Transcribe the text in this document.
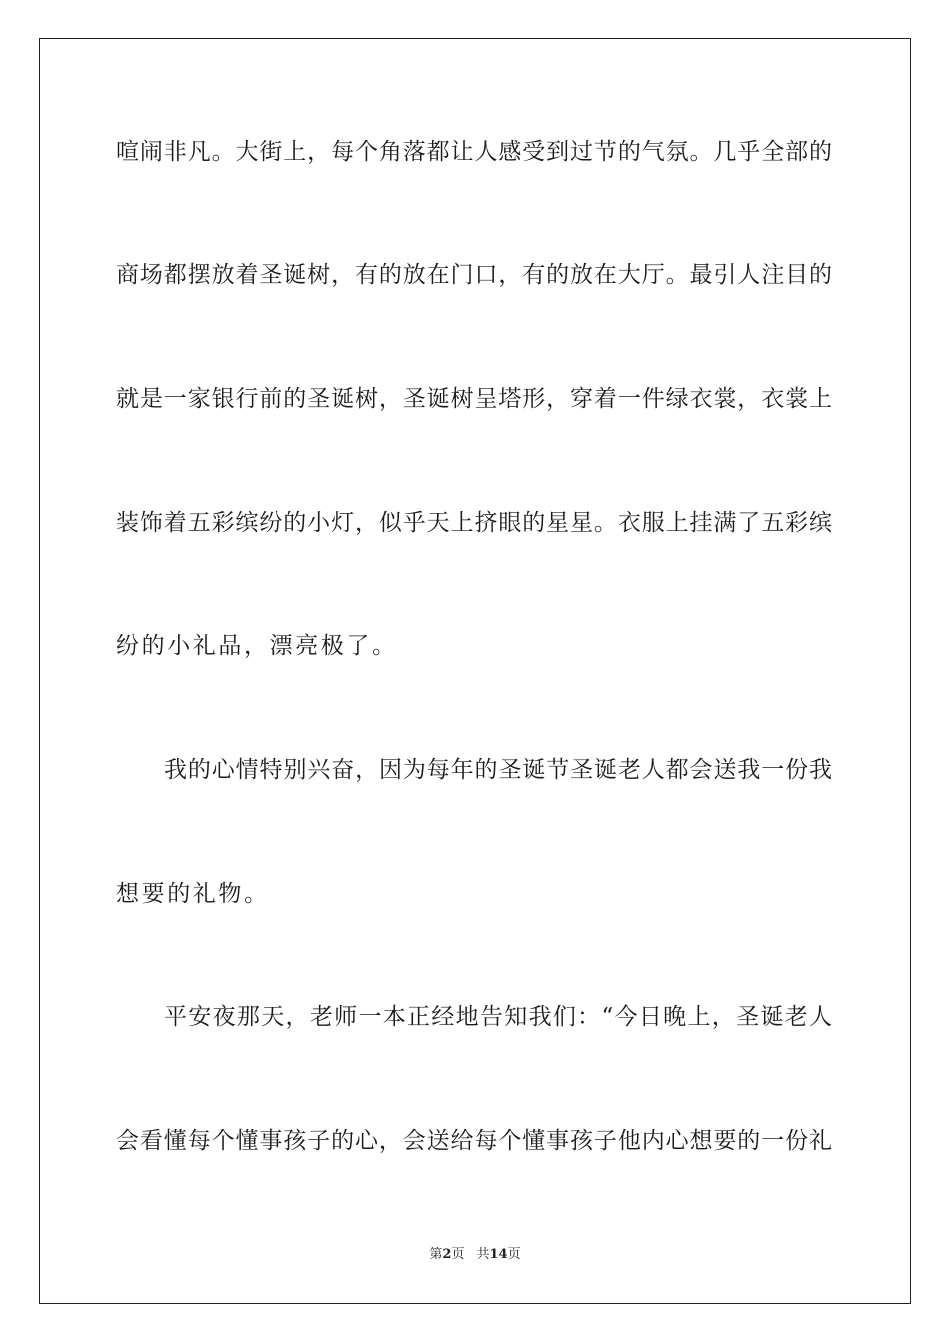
喧闹非凡。大街上，每个角落都让人感受到过节的气氛。几乎全部的
商场都摆放着圣诞树，有的放在门口，有的放在大厅。最引人注目的
就是一家银行前的圣诞树，圣诞树呈塔形，穿着一件绿衣裳，衣裳上
装饰着五彩缤纷的小灯，似乎天上挤眼的星星。衣服上挂满了五彩缤
纷的小礼品，漂亮极了。
我的心情特别兴奋，因为每年的圣诞节圣诞老人都会送我一份我
想要的礼物。
平安夜那天，老师一本正经地告知我们：“今日晚上，圣诞老人
会看懂每个懂事孩子的心，会送给每个懂事孩子他内心想要的一份礼
第2页 共14页
